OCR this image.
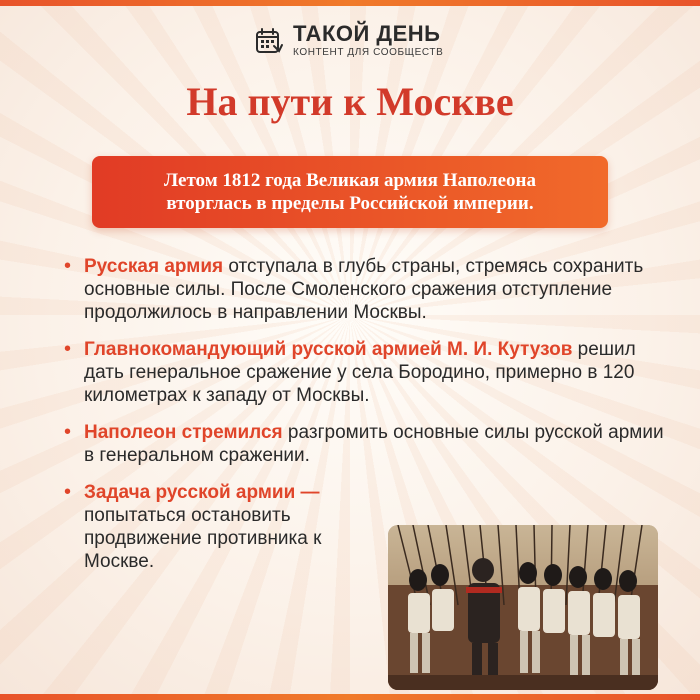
ТАКОЙ ДЕНЬ
КОНТЕНТ ДЛЯ СООБЩЕСТВ
На пути к Москве
Летом 1812 года Великая армия Наполеона
вторглась в пределы Российской империи.
• Русская армия отступала в глубь страны, стремясь сохранить основные силы. После Смоленского сражения отступление продолжилось в направлении Москвы.
• Главнокомандующий русской армией М. И. Кутузов решил дать генеральное сражение у села Бородино, примерно в 120 километрах к западу от Москвы.
• Наполеон стремился разгромить основные силы русской армии в генеральном сражении.
• Задача русской армии — попытаться остановить продвижение противника к Москве.
